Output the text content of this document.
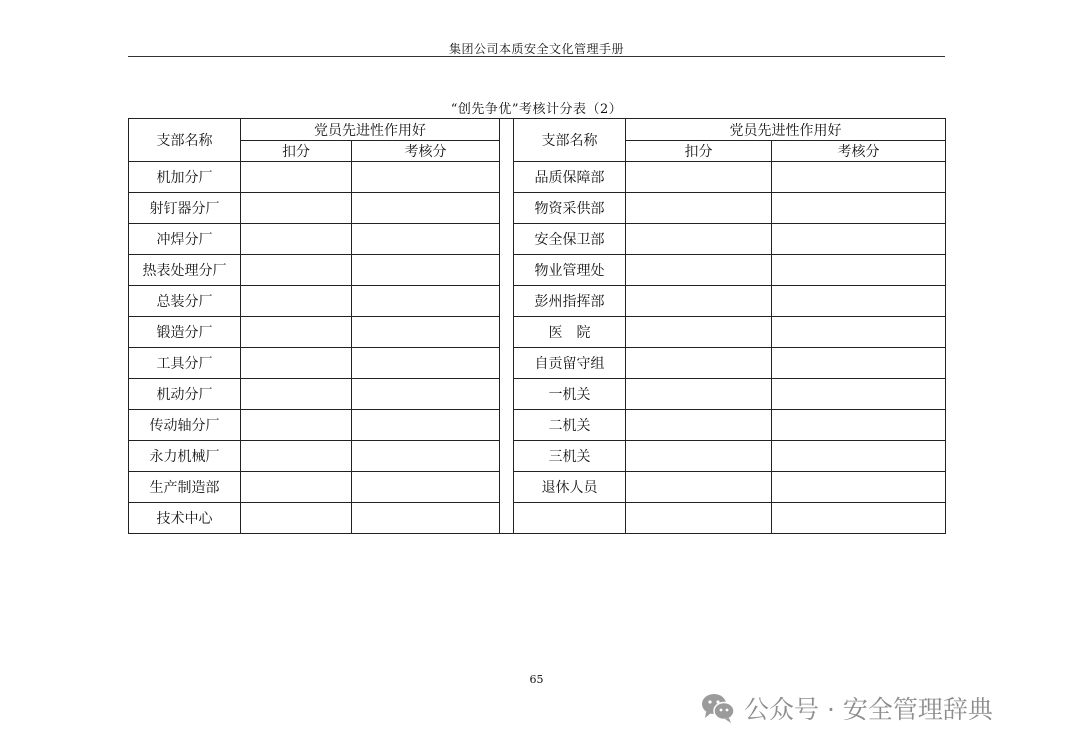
集团公司本质安全文化管理手册
“创先争优”考核计分表（2）
支部名称	党员先进性作用好			支部名称	党员先进性作用好	
	扣分	考核分			扣分	考核分
机加分厂				品质保障部		
射钉器分厂				物资采供部		
冲焊分厂				安全保卫部		
热表处理分厂				物业管理处		
总装分厂				彭州指挥部		
锻造分厂				医　院		
工具分厂				自贡留守组		
机动分厂				一机关		
传动轴分厂				二机关		
永力机械厂				三机关		
生产制造部				退休人员		
技术中心						
65
公众号 · 安全管理辞典
